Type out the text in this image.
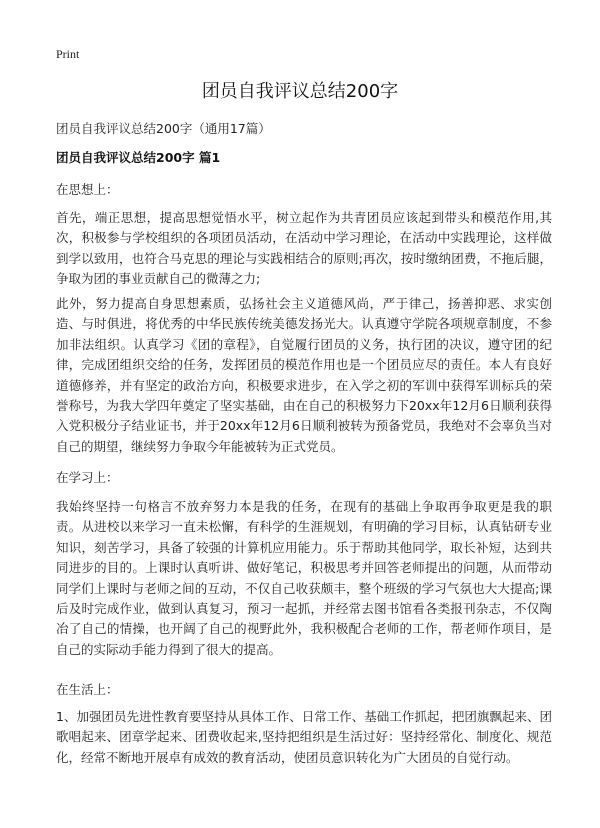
Print
团员自我评议总结200字
团员自我评议总结200字（通用17篇）
团员自我评议总结200字 篇1
在思想上：

首先，端正思想，提高思想觉悟水平，树立起作为共青团员应该起到带头和模范作用,其次，积极参与学校组织的各项团员活动，在活动中学习理论，在活动中实践理论，这样做到学以致用，也符合马克思的理论与实践相结合的原则;再次，按时缴纳团费，不拖后腿，争取为团的事业贡献自己的微薄之力;

此外，努力提高自身思想素质，弘扬社会主义道德风尚，严于律己，扬善抑恶、求实创造、与时俱进，将优秀的中华民族传统美德发扬光大。认真遵守学院各项规章制度，不参加非法组织。认真学习《团的章程》，自觉履行团员的义务，执行团的决议，遵守团的纪律，完成团组织交给的任务，发挥团员的模范作用也是一个团员应尽的责任。本人有良好道德修养，并有坚定的政治方向，积极要求进步，在入学之初的军训中获得军训标兵的荣誉称号，为我大学四年奠定了坚实基础，由在自己的积极努力下20xx年12月6日顺利获得入党积极分子结业证书，并于20xx年12月6日顺利被转为预备党员，我绝对不会辜负当对自己的期望，继续努力争取今年能被转为正式党员。

在学习上：

我始终坚持一句格言不放弃努力本是我的任务，在现有的基础上争取再争取更是我的职责。从进校以来学习一直未松懈，有科学的生涯规划，有明确的学习目标，认真钻研专业知识，刻苦学习，具备了较强的计算机应用能力。乐于帮助其他同学，取长补短，达到共同进步的目的。上课时认真听讲、做好笔记，积极思考并回答老师提出的问题，从而带动同学们上课时与老师之间的互动，不仅自己收获颇丰，整个班级的学习气氛也大大提高;课后及时完成作业，做到认真复习，预习一起抓，并经常去图书馆看各类报刊杂志，不仅陶冶了自己的情操，也开阔了自己的视野此外，我积极配合老师的工作，帮老师作项目，是自己的实际动手能力得到了很大的提高。

在生活上：

1、加强团员先进性教育要坚持从具体工作、日常工作、基础工作抓起，把团旗飘起来、团歌唱起来、团章学起来、团费收起来,坚持把组织是生活过好：坚持经常化、制度化、规范化，经常不断地开展卓有成效的教育活动，使团员意识转化为广大团员的自觉行动。
